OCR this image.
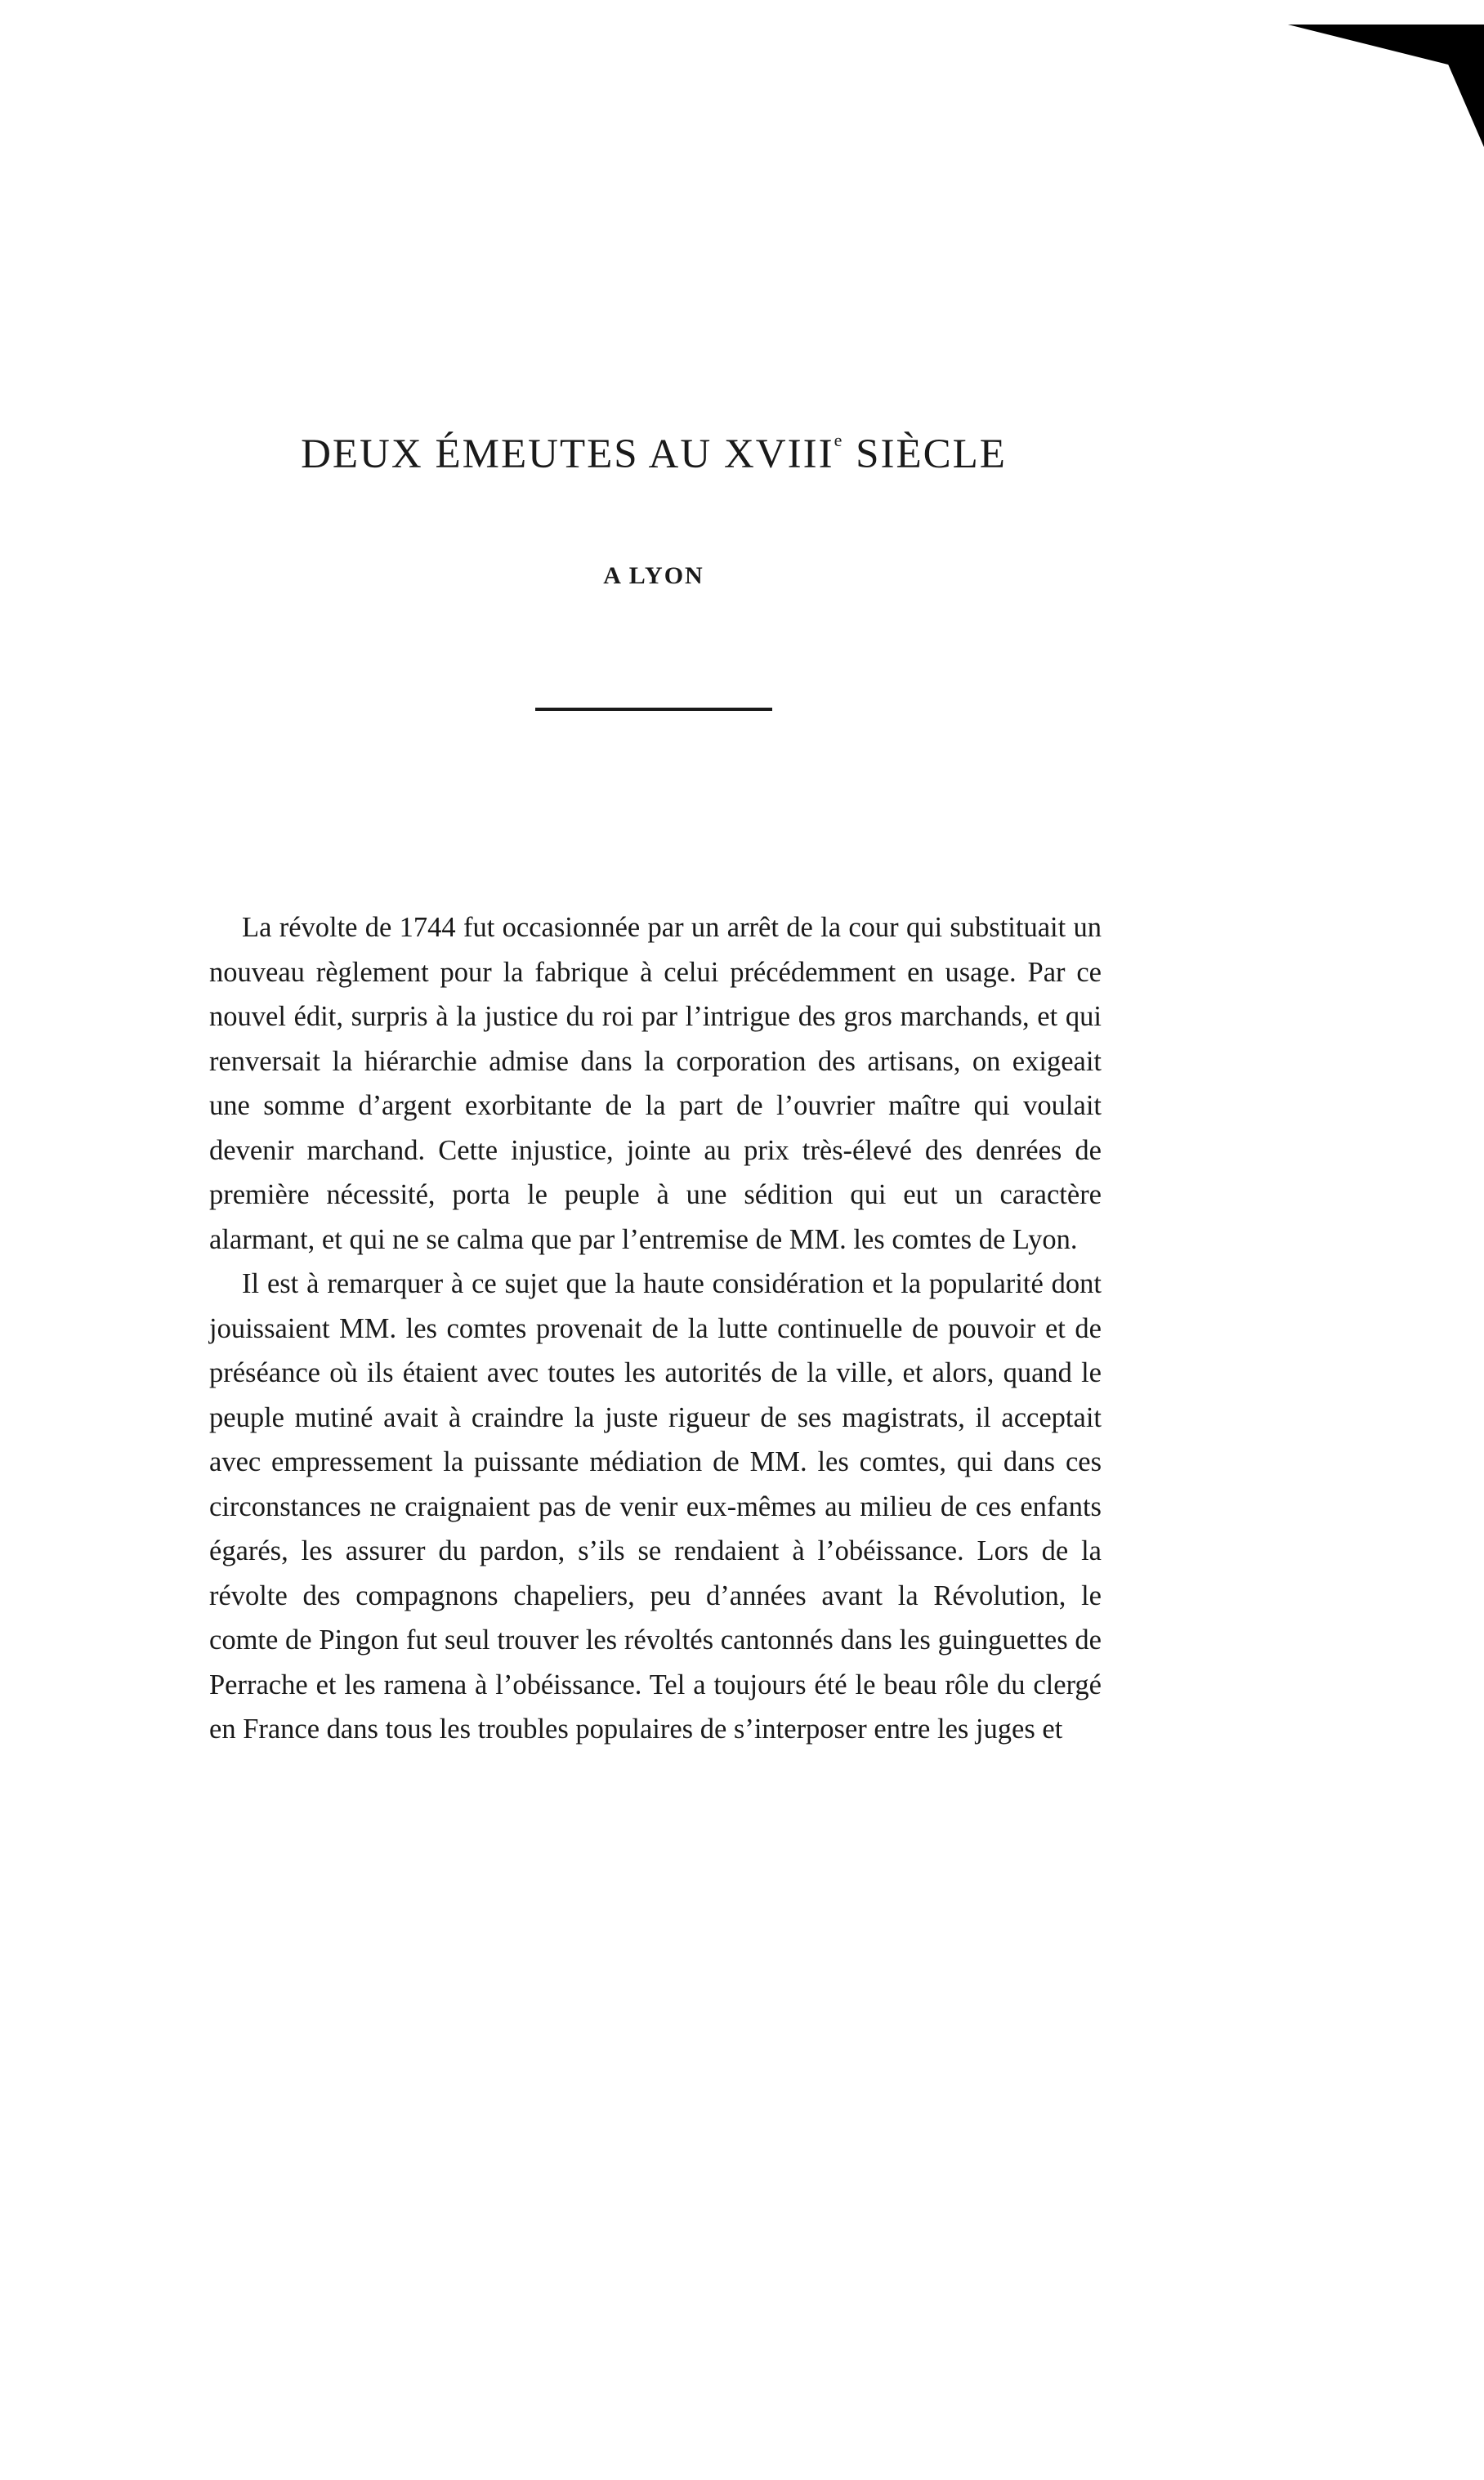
DEUX ÉMEUTES AU XVIIIe SIÈCLE
A LYON

La révolte de 1744 fut occasionnée par un arrêt de la cour qui substituait un nouveau règlement pour la fabrique à celui précédemment en usage. Par ce nouvel édit, surpris à la justice du roi par l’intrigue des gros marchands, et qui renversait la hiérarchie admise dans la corporation des artisans, on exigeait une somme d’argent exorbitante de la part de l’ouvrier maître qui voulait devenir marchand. Cette injustice, jointe au prix très-élevé des denrées de première nécessité, porta le peuple à une sédition qui eut un caractère alarmant, et qui ne se calma que par l’entremise de MM. les comtes de Lyon.

Il est à remarquer à ce sujet que la haute considération et la popularité dont jouissaient MM. les comtes provenait de la lutte continuelle de pouvoir et de préséance où ils étaient avec toutes les autorités de la ville, et alors, quand le peuple mutiné avait à craindre la juste rigueur de ses magistrats, il acceptait avec empressement la puissante médiation de MM. les comtes, qui dans ces circonstances ne craignaient pas de venir eux-mêmes au milieu de ces enfants égarés, les assurer du pardon, s’ils se rendaient à l’obéissance. Lors de la révolte des compagnons chapeliers, peu d’années avant la Révolution, le comte de Pingon fut seul trouver les révoltés cantonnés dans les guinguettes de Perrache et les ramena à l’obéissance. Tel a toujours été le beau rôle du clergé en France dans tous les troubles populaires de s’interposer entre les juges et
